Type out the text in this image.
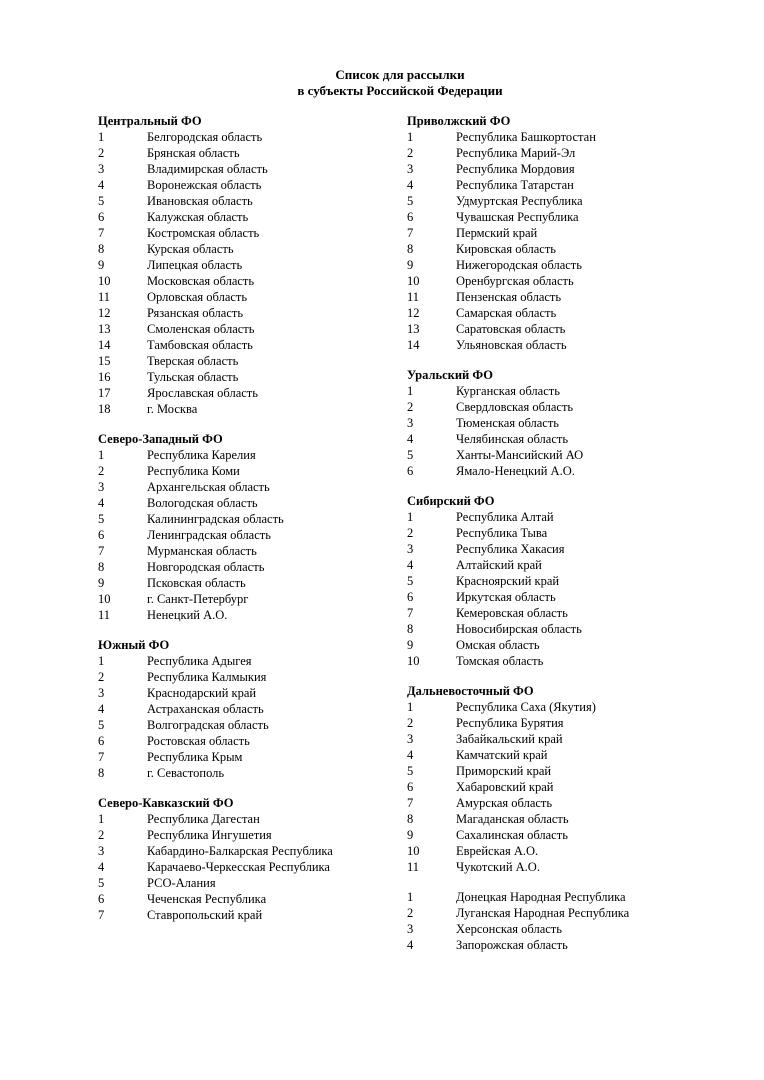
Список для рассылки
в субъекты Российской Федерации
Центральный ФО
1	Белгородская область
2	Брянская область
3	Владимирская область
4	Воронежская область
5	Ивановская область
6	Калужская область
7	Костромская область
8	Курская область
9	Липецкая область
10	Московская область
11	Орловская область
12	Рязанская область
13	Смоленская область
14	Тамбовская область
15	Тверская область
16	Тульская область
17	Ярославская область
18	г. Москва
Северо-Западный ФО
1	Республика Карелия
2	Республика Коми
3	Архангельская область
4	Вологодская область
5	Калининградская область
6	Ленинградская область
7	Мурманская область
8	Новгородская область
9	Псковская область
10	г. Санкт-Петербург
11	Ненецкий А.О.
Южный ФО
1	Республика Адыгея
2	Республика Калмыкия
3	Краснодарский край
4	Астраханская область
5	Волгоградская область
6	Ростовская область
7	Республика Крым
8	г. Севастополь
Северо-Кавказский ФО
1	Республика Дагестан
2	Республика Ингушетия
3	Кабардино-Балкарская Республика
4	Карачаево-Черкесская Республика
5	РСО-Алания
6	Чеченская Республика
7	Ставропольский край
Приволжский ФО
1	Республика Башкортостан
2	Республика Марий-Эл
3	Республика Мордовия
4	Республика Татарстан
5	Удмуртская Республика
6	Чувашская Республика
7	Пермский край
8	Кировская область
9	Нижегородская область
10	Оренбургская область
11	Пензенская область
12	Самарская область
13	Саратовская область
14	Ульяновская область
Уральский ФО
1	Курганская область
2	Свердловская область
3	Тюменская область
4	Челябинская область
5	Ханты-Мансийский АО
6	Ямало-Ненецкий А.О.
Сибирский ФО
1	Республика Алтай
2	Республика Тыва
3	Республика Хакасия
4	Алтайский край
5	Красноярский край
6	Иркутская область
7	Кемеровская область
8	Новосибирская область
9	Омская область
10	Томская область
Дальневосточный ФО
1	Республика Саха (Якутия)
2	Республика Бурятия
3	Забайкальский край
4	Камчатский край
5	Приморский край
6	Хабаровский край
7	Амурская область
8	Магаданская область
9	Сахалинская область
10	Еврейская А.О.
11	Чукотский А.О.
1	Донецкая Народная Республика
2	Луганская Народная Республика
3	Херсонская область
4	Запорожская область
